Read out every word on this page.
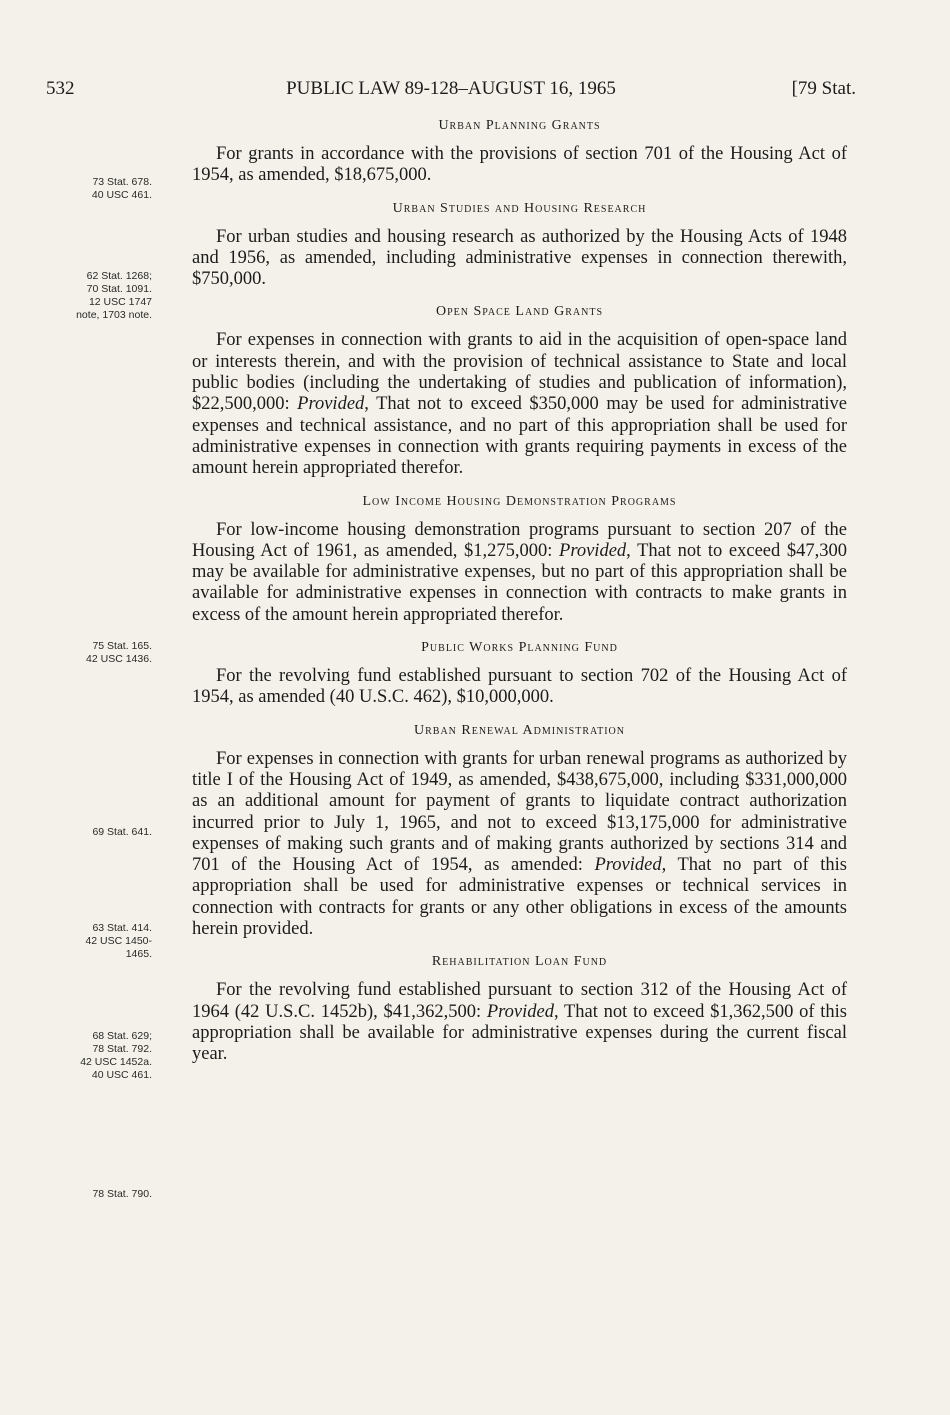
532	PUBLIC LAW 89-128–AUGUST 16, 1965	[79 Stat.
73 Stat. 678.
40 USC 461.
62 Stat. 1268;
70 Stat. 1091.
12 USC 1747
note, 1703 note.
75 Stat. 165.
42 USC 1436.
69 Stat. 641.
63 Stat. 414.
42 USC 1450-
1465.
68 Stat. 629;
78 Stat. 792.
42 USC 1452a.
40 USC 461.
78 Stat. 790.
Urban Planning Grants

For grants in accordance with the provisions of section 701 of the Housing Act of 1954, as amended, $18,675,000.

Urban Studies and Housing Research

For urban studies and housing research as authorized by the Housing Acts of 1948 and 1956, as amended, including administrative expenses in connection therewith, $750,000.

Open Space Land Grants

For expenses in connection with grants to aid in the acquisition of open-space land or interests therein, and with the provision of technical assistance to State and local public bodies (including the undertaking of studies and publication of information), $22,500,000: Provided, That not to exceed $350,000 may be used for administrative expenses and technical assistance, and no part of this appropriation shall be used for administrative expenses in connection with grants requiring payments in excess of the amount herein appropriated therefor.

Low Income Housing Demonstration Programs

For low-income housing demonstration programs pursuant to section 207 of the Housing Act of 1961, as amended, $1,275,000: Provided, That not to exceed $47,300 may be available for administrative expenses, but no part of this appropriation shall be available for administrative expenses in connection with contracts to make grants in excess of the amount herein appropriated therefor.

Public Works Planning Fund

For the revolving fund established pursuant to section 702 of the Housing Act of 1954, as amended (40 U.S.C. 462), $10,000,000.

Urban Renewal Administration

For expenses in connection with grants for urban renewal programs as authorized by title I of the Housing Act of 1949, as amended, $438,675,000, including $331,000,000 as an additional amount for payment of grants to liquidate contract authorization incurred prior to July 1, 1965, and not to exceed $13,175,000 for administrative expenses of making such grants and of making grants authorized by sections 314 and 701 of the Housing Act of 1954, as amended: Provided, That no part of this appropriation shall be used for administrative expenses or technical services in connection with contracts for grants or any other obligations in excess of the amounts herein provided.

Rehabilitation Loan Fund

For the revolving fund established pursuant to section 312 of the Housing Act of 1964 (42 U.S.C. 1452b), $41,362,500: Provided, That not to exceed $1,362,500 of this appropriation shall be available for administrative expenses during the current fiscal year.
